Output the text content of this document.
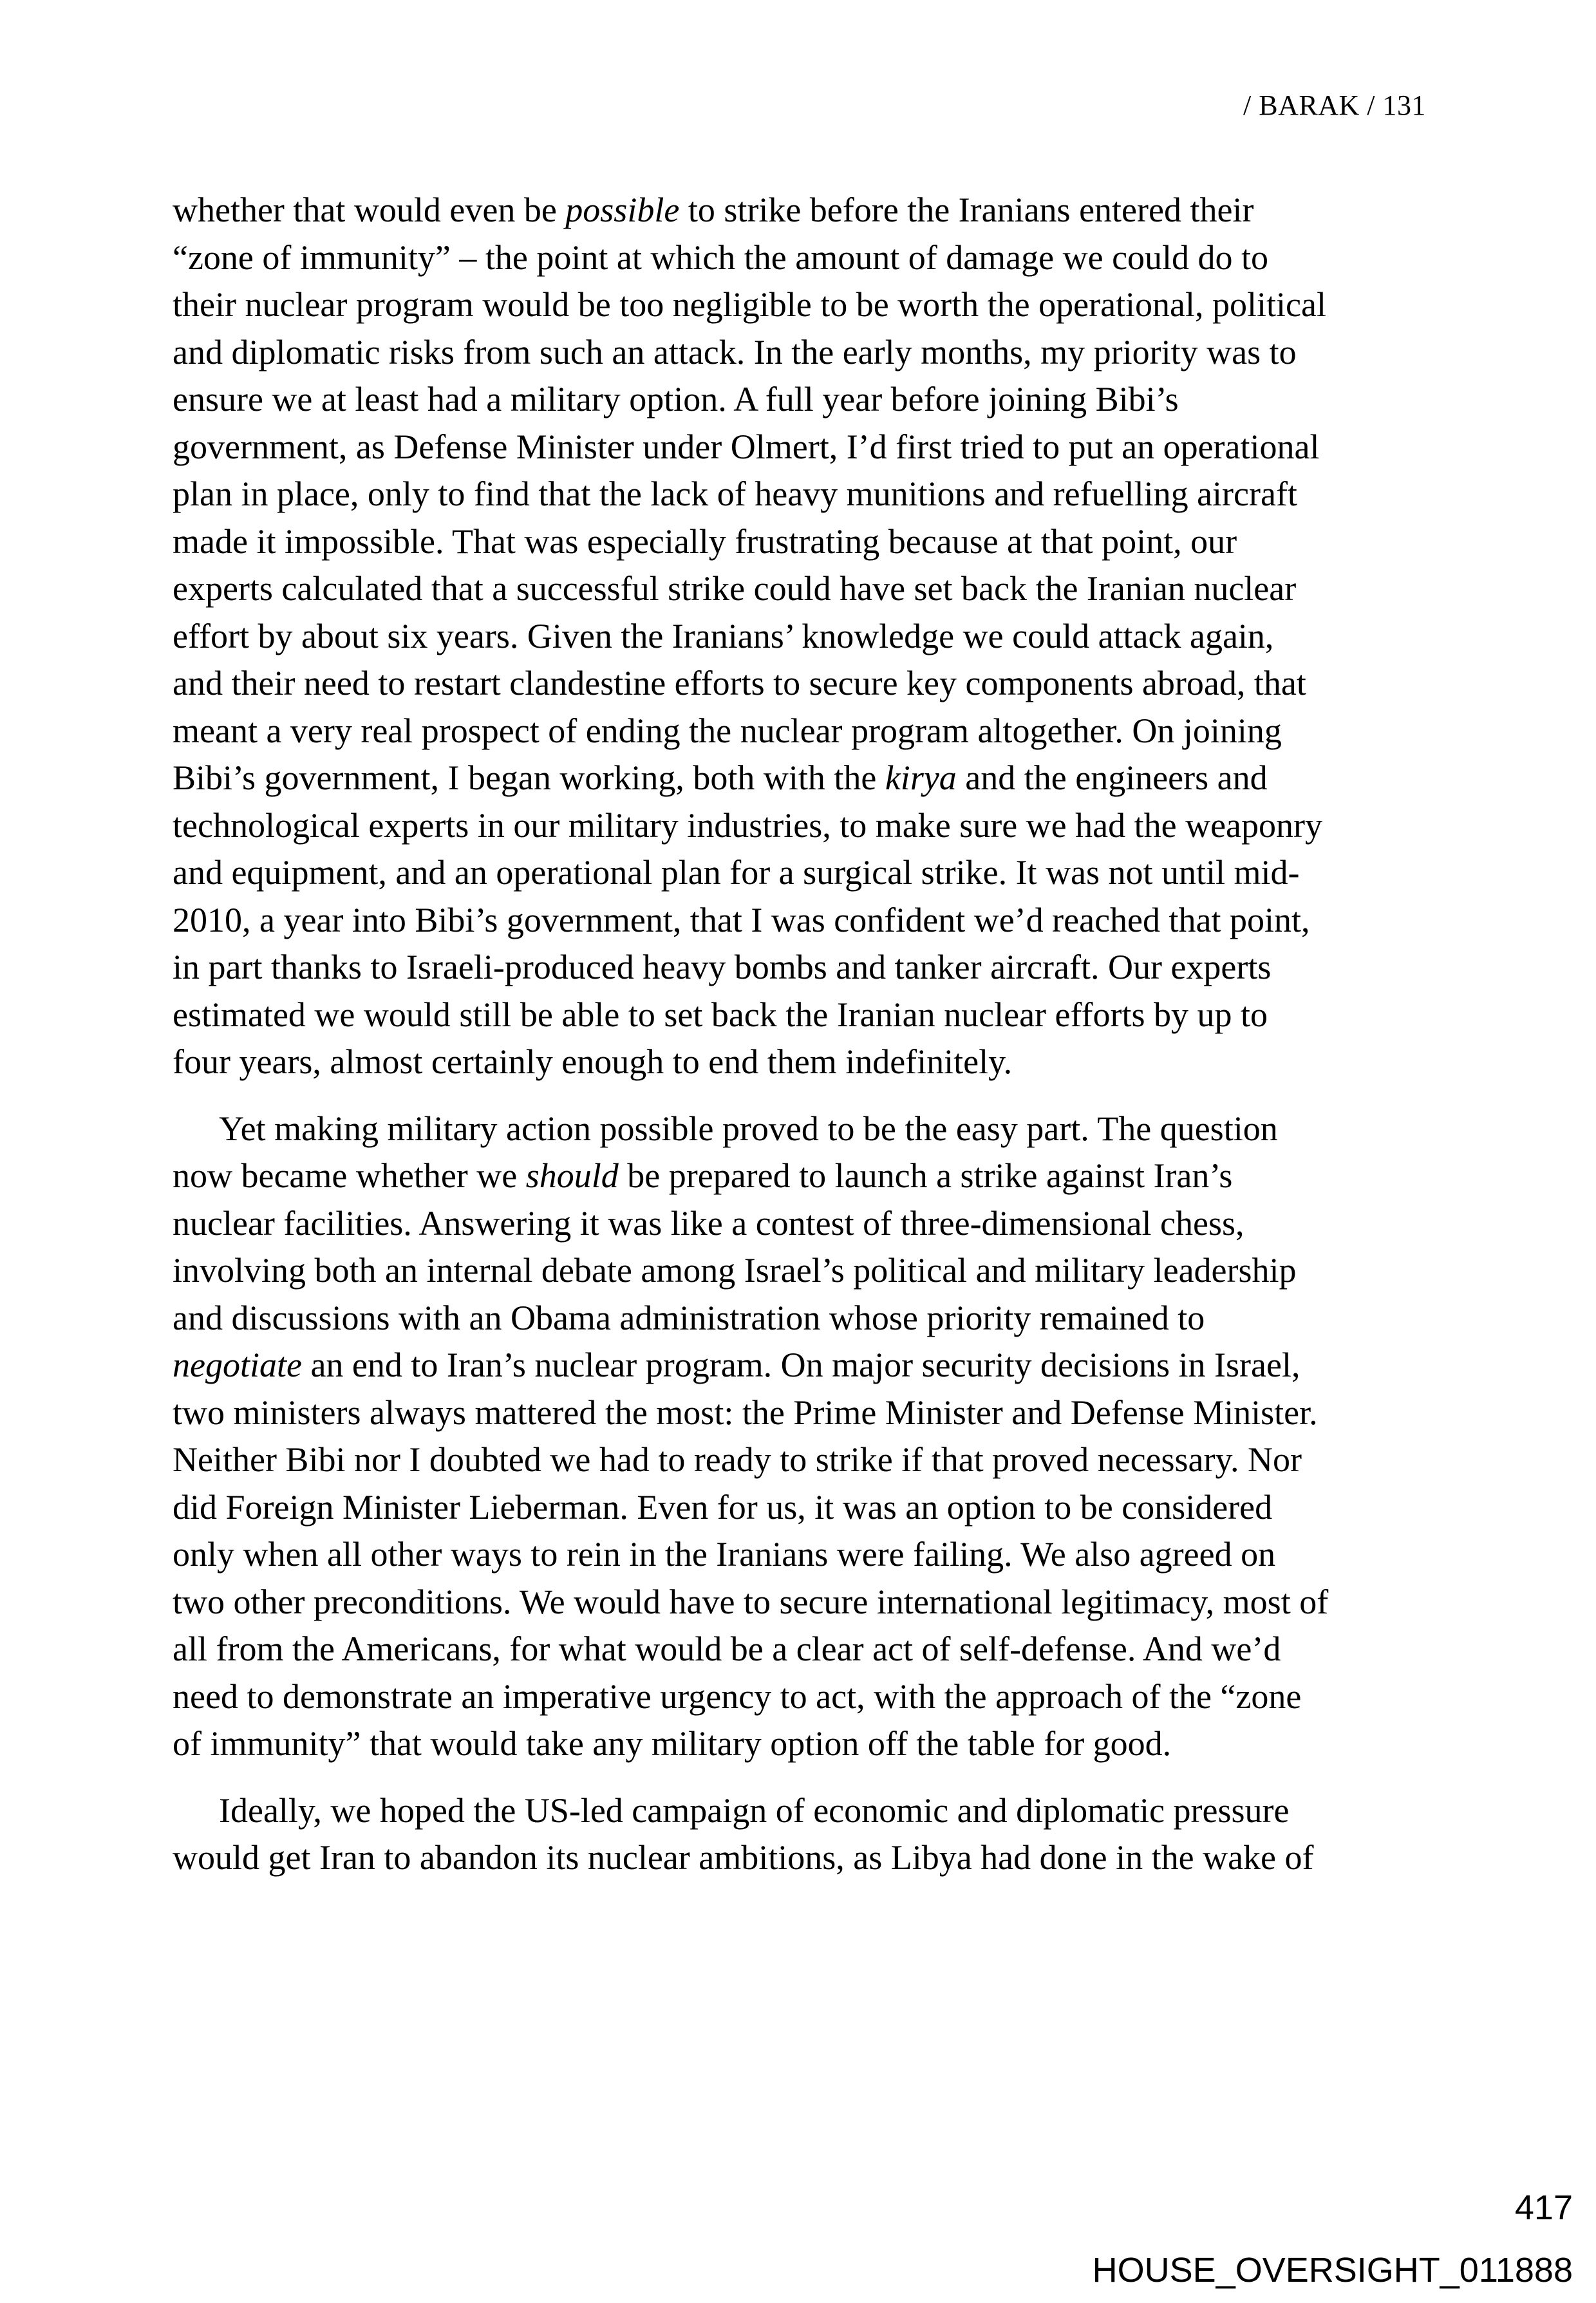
/ BARAK / 131
whether that would even be possible to strike before the Iranians entered their
“zone of immunity” – the point at which the amount of damage we could do to
their nuclear program would be too negligible to be worth the operational, political
and diplomatic risks from such an attack. In the early months, my priority was to
ensure we at least had a military option. A full year before joining Bibi’s
government, as Defense Minister under Olmert, I’d first tried to put an operational
plan in place, only to find that the lack of heavy munitions and refuelling aircraft
made it impossible. That was especially frustrating because at that point, our
experts calculated that a successful strike could have set back the Iranian nuclear
effort by about six years. Given the Iranians’ knowledge we could attack again,
and their need to restart clandestine efforts to secure key components abroad, that
meant a very real prospect of ending the nuclear program altogether. On joining
Bibi’s government, I began working, both with the kirya and the engineers and
technological experts in our military industries, to make sure we had the weaponry
and equipment, and an operational plan for a surgical strike. It was not until mid-
2010, a year into Bibi’s government, that I was confident we’d reached that point,
in part thanks to Israeli-produced heavy bombs and tanker aircraft. Our experts
estimated we would still be able to set back the Iranian nuclear efforts by up to
four years, almost certainly enough to end them indefinitely.
Yet making military action possible proved to be the easy part. The question
now became whether we should be prepared to launch a strike against Iran’s
nuclear facilities. Answering it was like a contest of three-dimensional chess,
involving both an internal debate among Israel’s political and military leadership
and discussions with an Obama administration whose priority remained to
negotiate an end to Iran’s nuclear program. On major security decisions in Israel,
two ministers always mattered the most: the Prime Minister and Defense Minister.
Neither Bibi nor I doubted we had to ready to strike if that proved necessary. Nor
did Foreign Minister Lieberman. Even for us, it was an option to be considered
only when all other ways to rein in the Iranians were failing. We also agreed on
two other preconditions. We would have to secure international legitimacy, most of
all from the Americans, for what would be a clear act of self-defense. And we’d
need to demonstrate an imperative urgency to act, with the approach of the “zone
of immunity” that would take any military option off the table for good.
Ideally, we hoped the US-led campaign of economic and diplomatic pressure
would get Iran to abandon its nuclear ambitions, as Libya had done in the wake of
417
HOUSE_OVERSIGHT_011888
